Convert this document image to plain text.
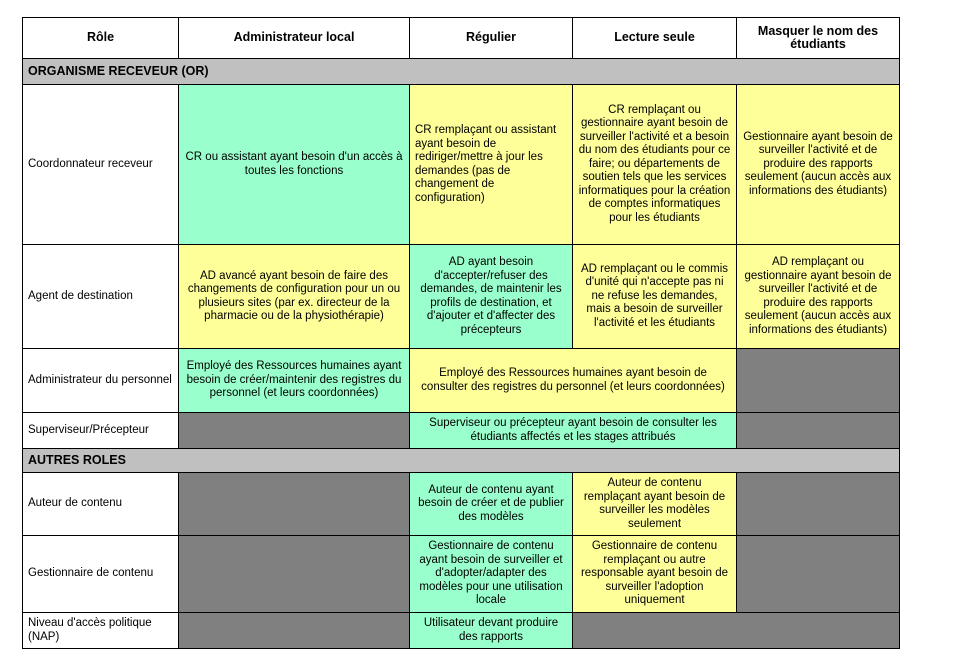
Rôle	Administrateur local	Régulier	Lecture seule	Masquer le nom des étudiants
ORGANISME RECEVEUR (OR)				
Coordonnateur receveur	CR ou assistant ayant besoin d'un accès à toutes les fonctions	CR remplaçant ou assistant ayant besoin de rediriger/mettre à jour les demandes (pas de changement de configuration)	CR remplaçant ou gestionnaire ayant besoin de surveiller l'activité et a besoin du nom des étudiants pour ce faire; ou départements de soutien tels que les services informatiques pour la création de comptes informatiques pour les étudiants	Gestionnaire ayant besoin de surveiller l'activité et de produire des rapports seulement (aucun accès aux informations des étudiants)
Agent de destination	AD avancé ayant besoin de faire des changements de configuration pour un ou plusieurs sites (par ex. directeur de la pharmacie ou de la physiothérapie)	AD ayant besoin d'accepter/refuser des demandes, de maintenir les profils de destination, et d'ajouter et d'affecter des précepteurs	AD remplaçant ou le commis d'unité qui n'accepte pas ni ne refuse les demandes, mais a besoin de surveiller l'activité et les étudiants	AD remplaçant ou gestionnaire ayant besoin de surveiller l'activité et de produire des rapports seulement (aucun accès aux informations des étudiants)
Administrateur du personnel	Employé des Ressources humaines ayant besoin de créer/maintenir des registres du personnel (et leurs coordonnées)	Employé des Ressources humaines ayant besoin de consulter des registres du personnel (et leurs coordonnées)		
Superviseur/Précepteur		Superviseur ou précepteur ayant besoin de consulter les étudiants affectés et les stages attribués		
AUTRES ROLES				
Auteur de contenu		Auteur de contenu ayant besoin de créer et de publier des modèles	Auteur de contenu remplaçant ayant besoin de surveiller les modèles seulement	
Gestionnaire de contenu		Gestionnaire de contenu ayant besoin de surveiller et d'adopter/adapter des modèles pour une utilisation locale	Gestionnaire de contenu remplaçant ou autre responsable ayant besoin de surveiller l'adoption uniquement	
Niveau d'accès politique (NAP)		Utilisateur devant produire des rapports		
